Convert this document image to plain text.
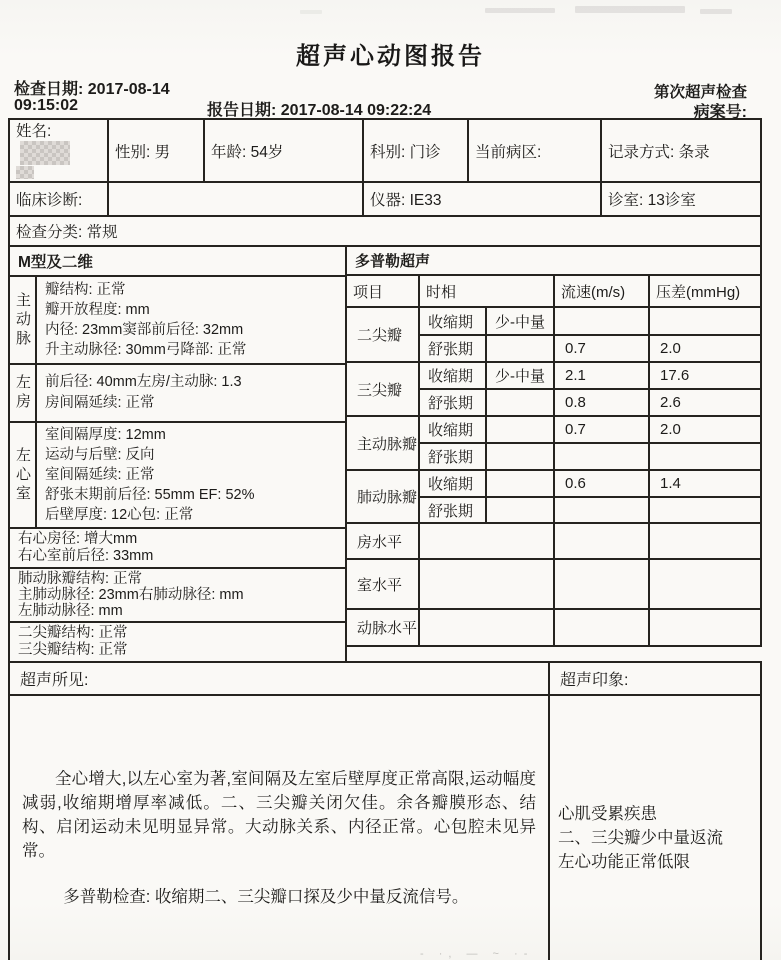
超声心动图报告
第次超声检查
检查日期: 2017-08-14
09:15:02	报告日期: 2017-08-14 09:22:24	病案号:
姓名:	性别: 男	年龄: 54岁	科别: 门诊	当前病区:	记录方式: 条录
临床诊断:			仪器: IE33		诊室: 13诊室
检查分类: 常规					
M型及二维	
主动脉	瓣结构: 正常
瓣开放程度: mm
内径: 23mm窦部前后径: 32mm
升主动脉径: 30mm弓降部: 正常

左房	前后径: 40mm左房/主动脉: 1.3
房间隔延续: 正常

左心室	室间隔厚度: 12mm
运动与后壁: 反向
室间隔延续: 正常
舒张末期前后径: 55mm EF: 52%
后壁厚度: 12心包: 正常

右心房径: 增大mm
右心室前后径: 33mm	

肺动脉瓣结构: 正常
主肺动脉径: 23mm右肺动脉径: mm
左肺动脉径: mm	

二尖瓣结构: 正常
三尖瓣结构: 正常	
多普勒超声				
项目	时相		流速(m/s)	压差(mmHg)
二尖瓣	收缩期	少-中量		
	舒张期		0.7	2.0
三尖瓣	收缩期	少-中量	2.1	17.6
	舒张期		0.8	2.6
主动脉瓣	收缩期		0.7	2.0
	舒张期			
肺动脉瓣	收缩期		0.6	1.4
	舒张期			
房水平				
室水平				
动脉水平				
超声所见:	超声印象:

全心增大,以左心室为著,室间隔及左室后壁厚度正常高限,运动幅度减弱,收缩期增厚率减低。二、三尖瓣关闭欠佳。余各瓣膜形态、结构、启闭运动未见明显异常。大动脉关系、内径正常。心包腔未见异常。

多普勒检查: 收缩期二、三尖瓣口探及少中量反流信号。

心肌受累疾患
二、三尖瓣少中量返流
左心功能正常低限
- ·, — ~ ·-
